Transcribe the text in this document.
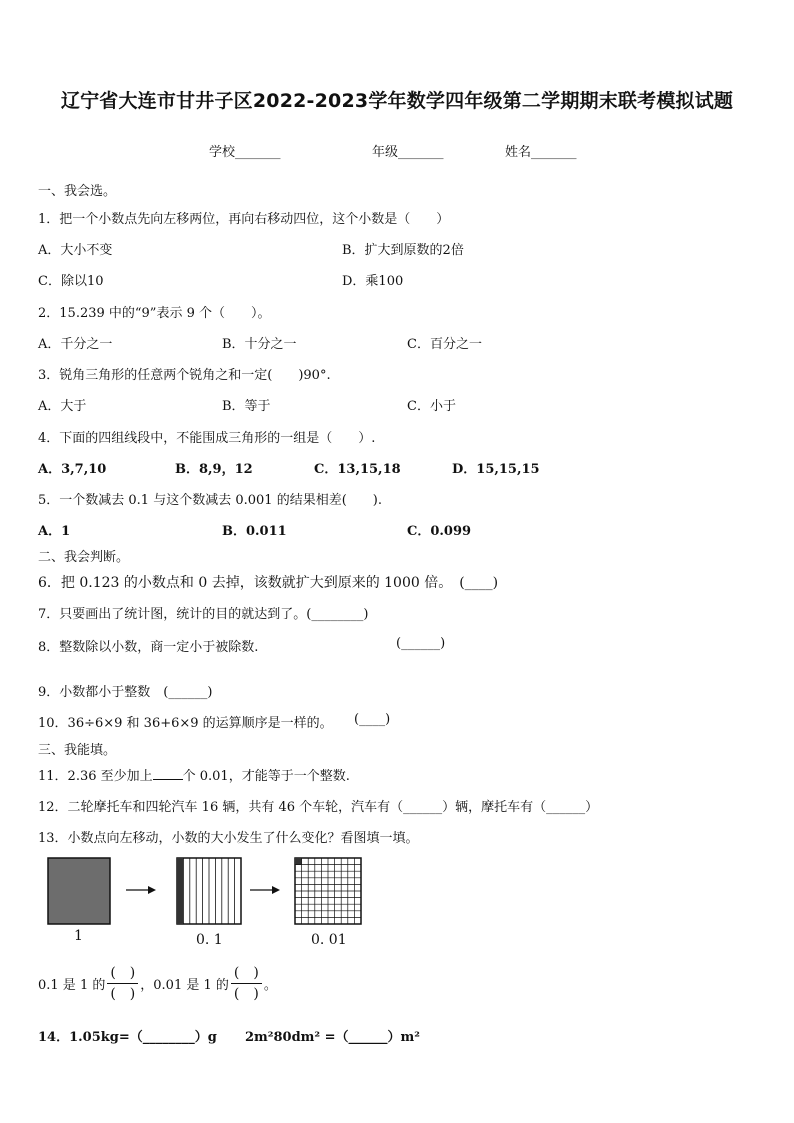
辽宁省大连市甘井子区2022-2023学年数学四年级第二学期期末联考模拟试题
学校_______	年级_______	姓名_______
一、我会选。
1．把一个小数点先向左移两位，再向右移动四位，这个小数是（　　）
A．大小不变	B．扩大到原数的2倍
C．除以10	D．乘100
2．15.239 中的“9”表示 9 个（　　）。
A．千分之一	B．十分之一	C．百分之一
3．锐角三角形的任意两个锐角之和一定(　　)90°.
A．大于	B．等于	C．小于
4．下面的四组线段中，不能围成三角形的一组是（　　）.
A．3,7,10	B．8,9，12	C．13,15,18	D．15,15,15
5．一个数减去 0.1 与这个数减去 0.001 的结果相差(　　).
A．1	B．0.011	C．0.099
二、我会判断。
6．把 0.123 的小数点和 0 去掉，该数就扩大到原来的 1000 倍。　(____)
7．只要画出了统计图，统计的目的就达到了。(________)
8．整数除以小数，商一定小于被除数.	(______)
9．小数都小于整数　(______)
10．36÷6×9 和 36+6×9 的运算顺序是一样的。 (____)
三、我能填。
11．2.36 至少加上 个 0.01，才能等于一个整数.
12．二轮摩托车和四轮汽车 16 辆，共有 46 个车轮，汽车有（______）辆，摩托车有（______）
13．小数点向左移动，小数的大小发生了什么变化？看图填一填。
1	0. 1	0. 01
0.1 是 1 的 $\frac{( )}{( )}$ ，0.01 是 1 的 $\frac{( )}{( )}$ 。
14．1.05kg=（________）g 2m²80dm² =（______）m²
